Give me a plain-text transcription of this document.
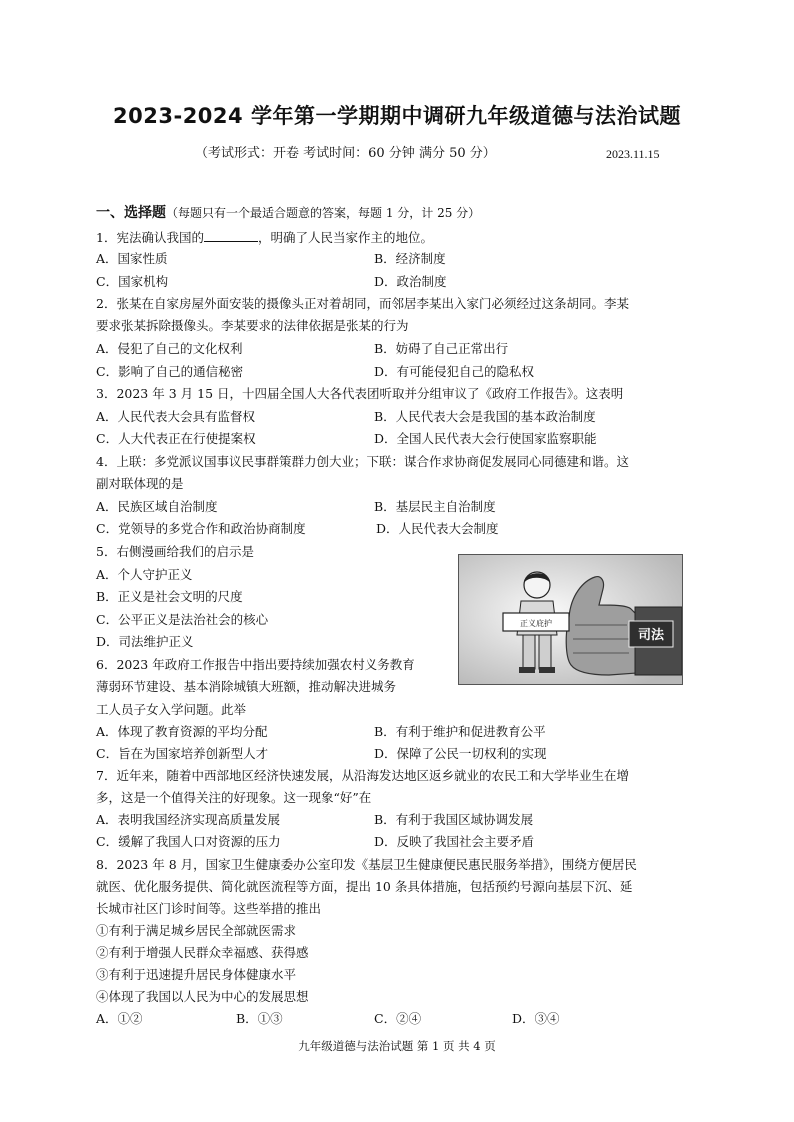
2023-2024 学年第一学期期中调研九年级道德与法治试题
（考试形式：开卷 考试时间：60 分钟 满分 50 分）	2023.11.15
一、选择题（每题只有一个最适合题意的答案，每题 1 分，计 25 分）
1．宪法确认我国的	，明确了人民当家作主的地位。
A．国家性质	B．经济制度
C．国家机构	D．政治制度
2．张某在自家房屋外面安装的摄像头正对着胡同，而邻居李某出入家门必须经过这条胡同。李某
要求张某拆除摄像头。李某要求的法律依据是张某的行为
A．侵犯了自己的文化权利	B．妨碍了自己正常出行
C．影响了自己的通信秘密	D．有可能侵犯自己的隐私权
3．2023 年 3 月 15 日，十四届全国人大各代表团听取并分组审议了《政府工作报告》。这表明
A．人民代表大会具有监督权	B．人民代表大会是我国的基本政治制度
C．人大代表正在行使提案权	D．全国人民代表大会行使国家监察职能
4．上联：多党派议国事议民事群策群力创大业；下联：谋合作求协商促发展同心同德建和谐。这
副对联体现的是
A．民族区域自治制度	B．基层民主自治制度
C．党领导的多党合作和政治协商制度	D．人民代表大会制度
5．右侧漫画给我们的启示是
A．个人守护正义
B．正义是社会文明的尺度
C．公平正义是法治社会的核心
D．司法维护正义	司法
正义庇护
6．2023 年政府工作报告中指出要持续加强农村义务教育
薄弱环节建设、基本消除城镇大班额，推动解决进城务
工人员子女入学问题。此举
A．体现了教育资源的平均分配	B．有利于维护和促进教育公平
C．旨在为国家培养创新型人才	D．保障了公民一切权利的实现
7．近年来，随着中西部地区经济快速发展，从沿海发达地区返乡就业的农民工和大学毕业生在增
多，这是一个值得关注的好现象。这一现象“好”在
A．表明我国经济实现高质量发展	B．有利于我国区域协调发展
C．缓解了我国人口对资源的压力	D．反映了我国社会主要矛盾
8．2023 年 8 月，国家卫生健康委办公室印发《基层卫生健康便民惠民服务举措》，围绕方便居民
就医、优化服务提供、简化就医流程等方面，提出 10 条具体措施，包括预约号源向基层下沉、延
长城市社区门诊时间等。这些举措的推出
①有利于满足城乡居民全部就医需求
②有利于增强人民群众幸福感、获得感
③有利于迅速提升居民身体健康水平
④体现了我国以人民为中心的发展思想
A．①②	B．①③	C．②④	D．③④
九年级道德与法治试题 第 1 页 共 4 页
